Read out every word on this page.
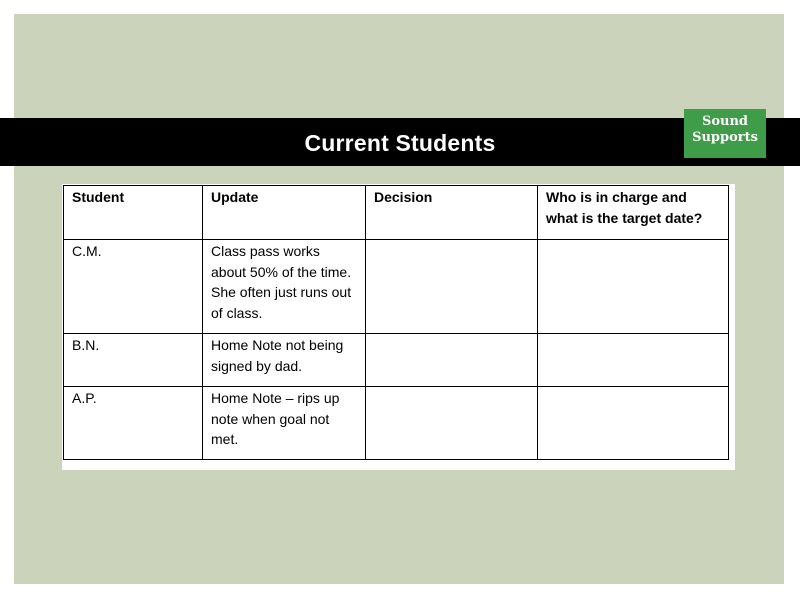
Current Students
Sound
Supports
Student	Update	Decision	Who is in charge and what is the target date?
C.M.	Class pass works about 50% of the time. She often just runs out of class.		
B.N.	Home Note not being signed by dad.		
A.P.	Home Note – rips up note when goal not met.		
